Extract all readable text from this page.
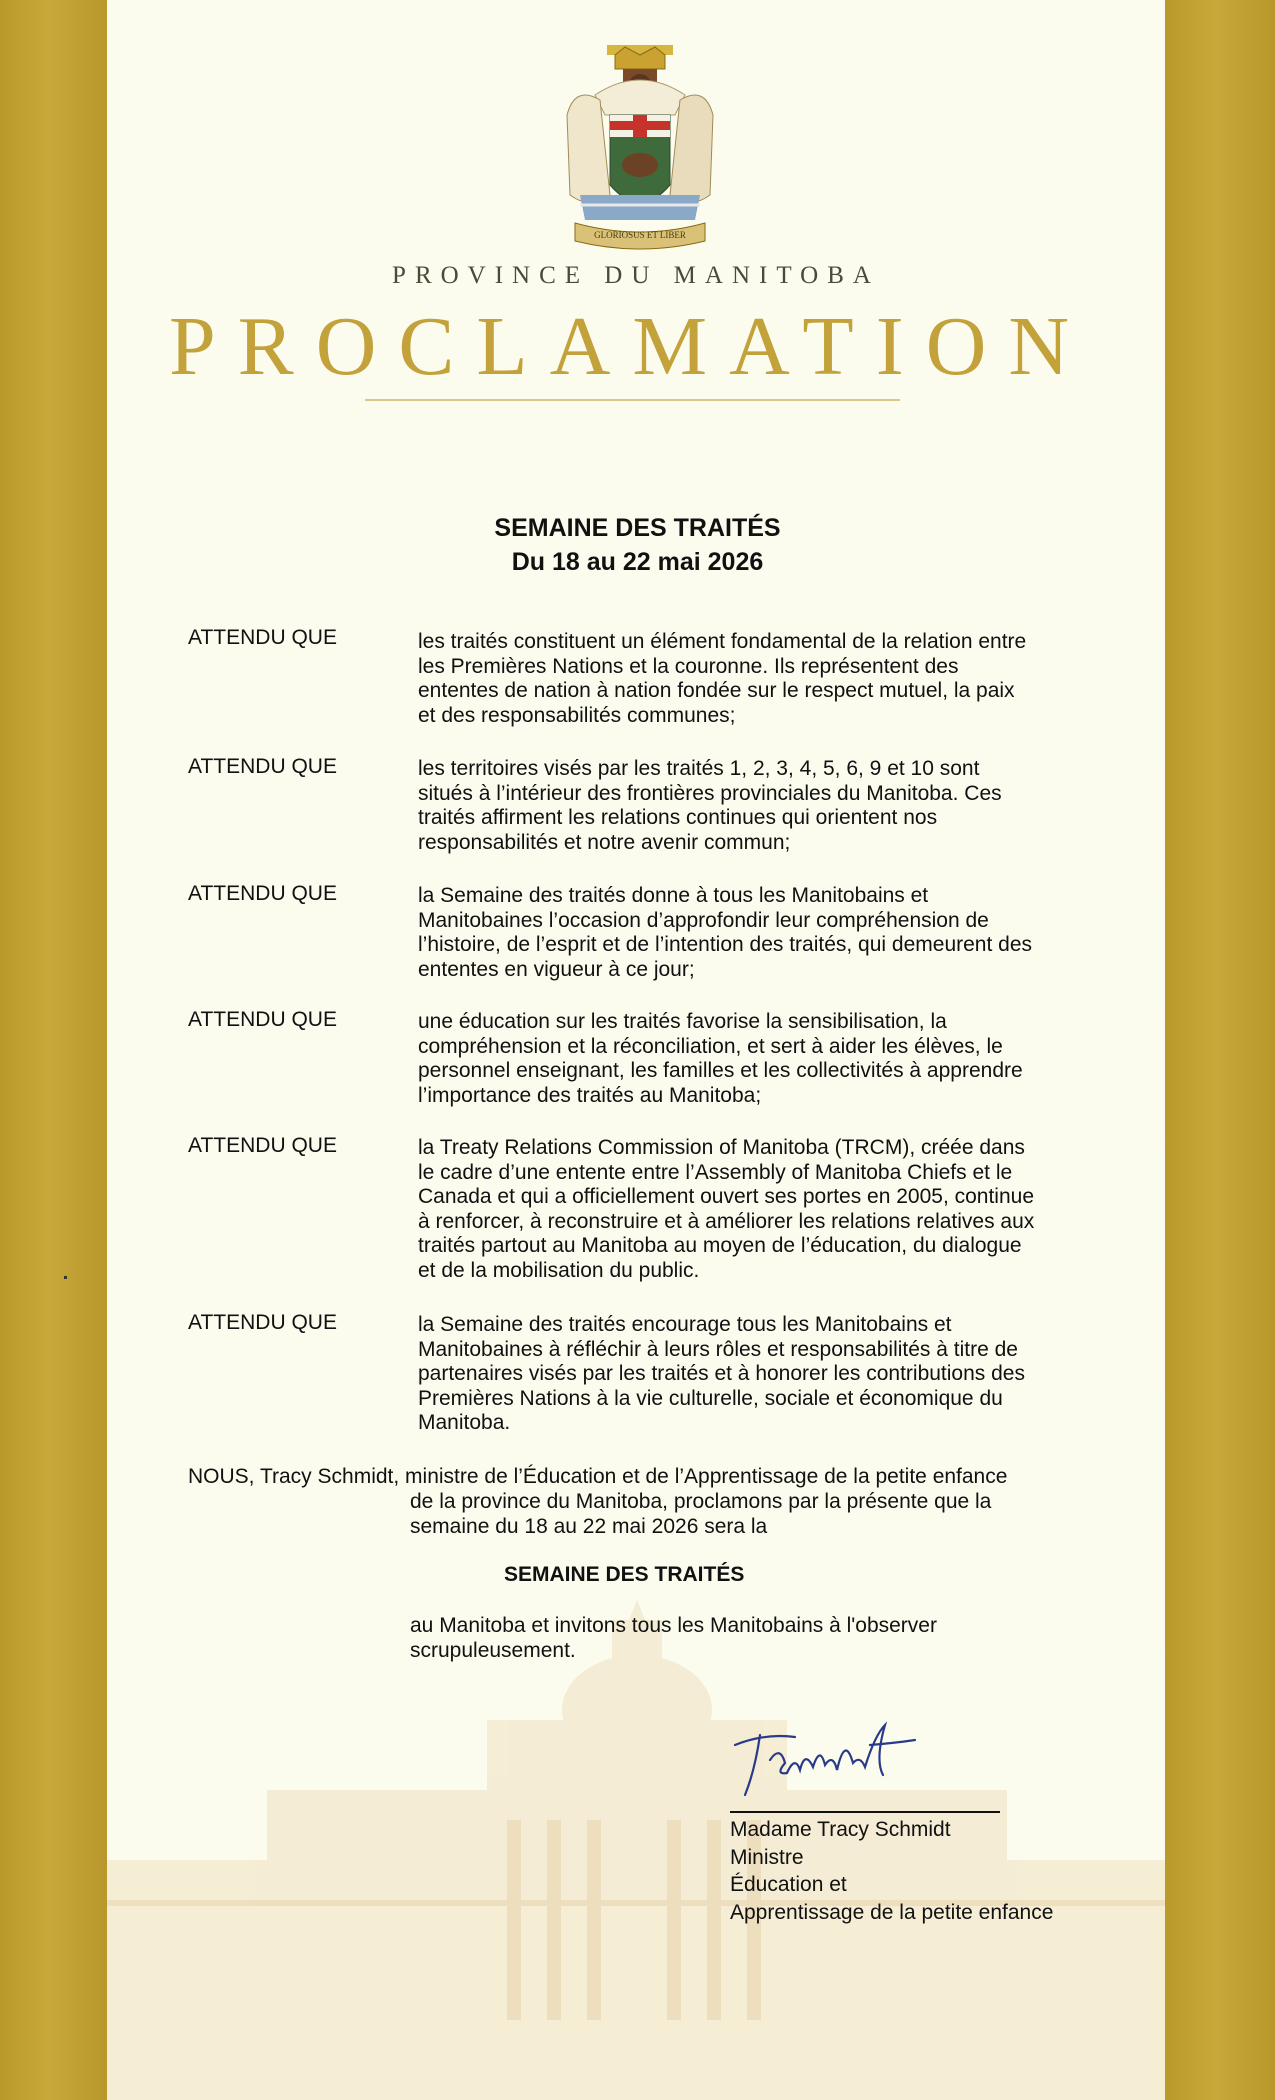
GLORIOSUS ET LIBER
PROVINCE DU MANITOBA
PROCLAMATION
SEMAINE DES TRAITÉS
Du 18 au 22 mai 2026
ATTENDU QUE	les traités constituent un élément fondamental de la relation entre
les Premières Nations et la couronne. Ils représentent des
ententes de nation à nation fondée sur le respect mutuel, la paix
et des responsabilités communes;
ATTENDU QUE	les territoires visés par les traités 1, 2, 3, 4, 5, 6, 9 et 10 sont
situés à l’intérieur des frontières provinciales du Manitoba. Ces
traités affirment les relations continues qui orientent nos
responsabilités et notre avenir commun;
ATTENDU QUE	la Semaine des traités donne à tous les Manitobains et
Manitobaines l’occasion d’approfondir leur compréhension de
l’histoire, de l’esprit et de l’intention des traités, qui demeurent des
ententes en vigueur à ce jour;
ATTENDU QUE	une éducation sur les traités favorise la sensibilisation, la
compréhension et la réconciliation, et sert à aider les élèves, le
personnel enseignant, les familles et les collectivités à apprendre
l’importance des traités au Manitoba;
ATTENDU QUE	la Treaty Relations Commission of Manitoba (TRCM), créée dans
le cadre d’une entente entre l’Assembly of Manitoba Chiefs et le
Canada et qui a officiellement ouvert ses portes en 2005, continue
à renforcer, à reconstruire et à améliorer les relations relatives aux
traités partout au Manitoba au moyen de l’éducation, du dialogue
et de la mobilisation du public.
ATTENDU QUE	la Semaine des traités encourage tous les Manitobains et
Manitobaines à réfléchir à leurs rôles et responsabilités à titre de
partenaires visés par les traités et à honorer les contributions des
Premières Nations à la vie culturelle, sociale et économique du
Manitoba.
NOUS, Tracy Schmidt, ministre de l’Éducation et de l’Apprentissage de la petite enfance
de la province du Manitoba, proclamons par la présente que la
semaine du 18 au 22 mai 2026 sera la
SEMAINE DES TRAITÉS
au Manitoba et invitons tous les Manitobains à l'observer
scrupuleusement.
Madame Tracy Schmidt
Ministre
Éducation et
Apprentissage de la petite enfance
